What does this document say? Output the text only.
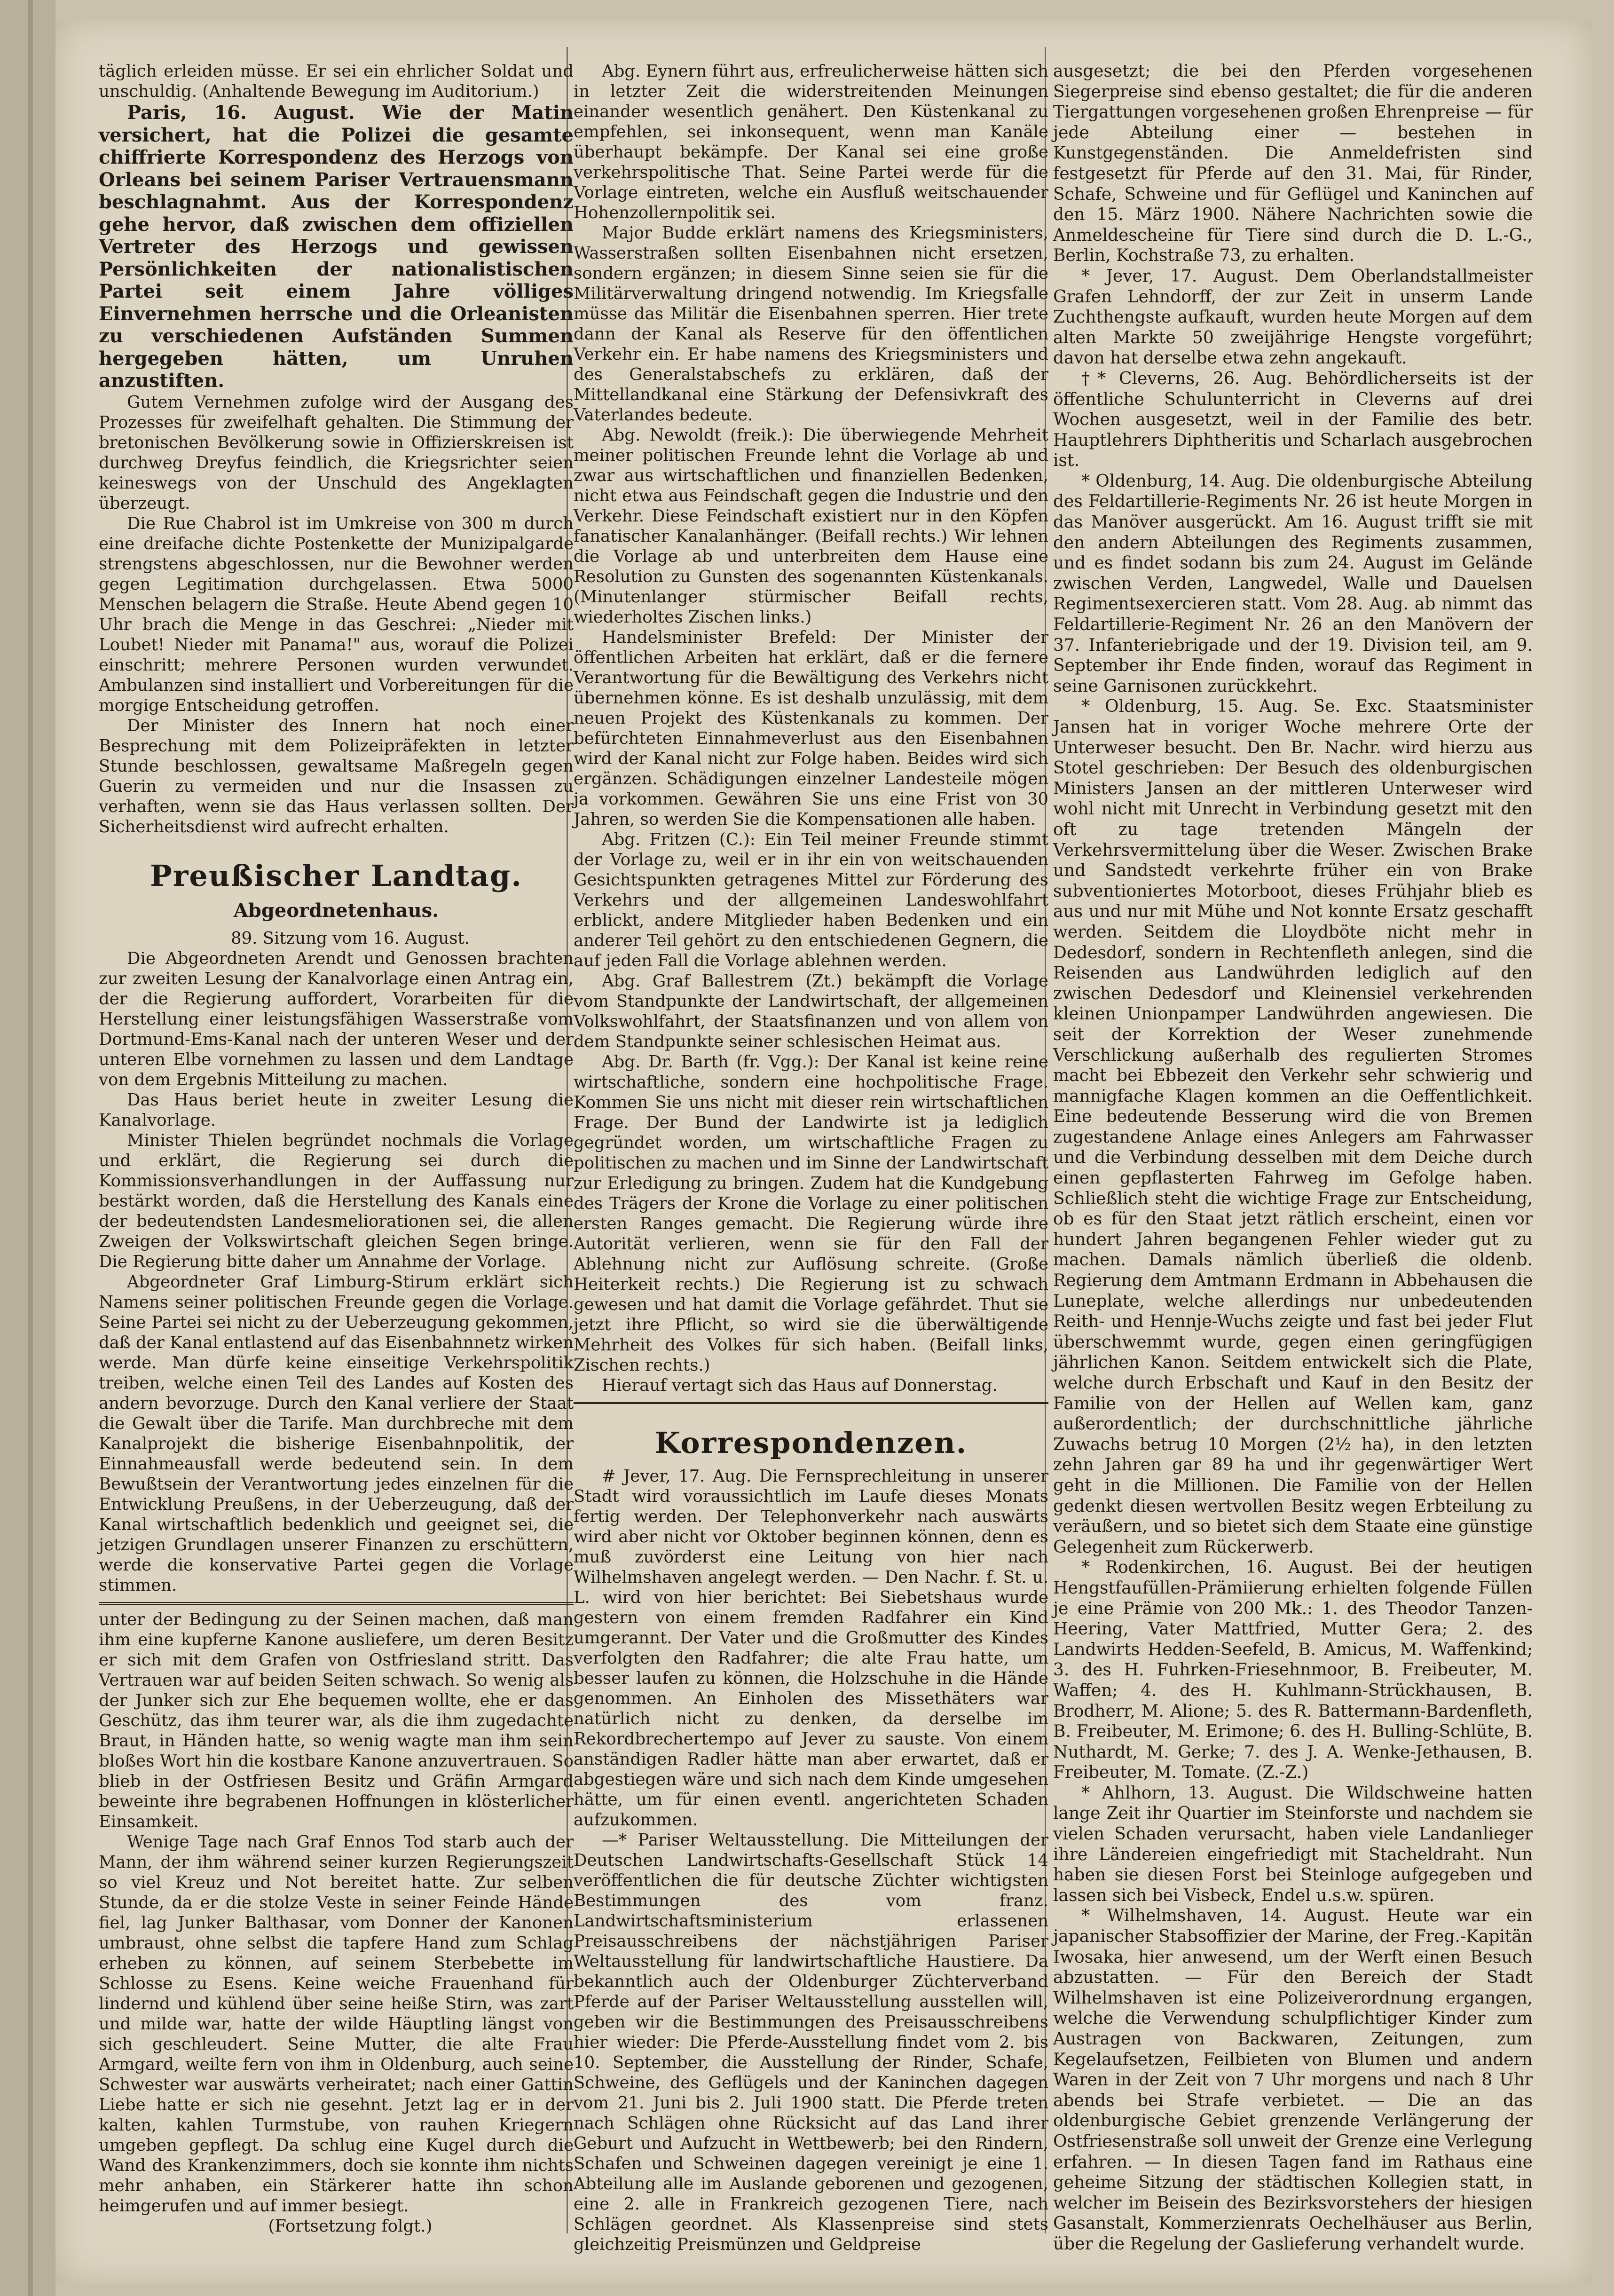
täglich erleiden müsse. Er sei ein ehrlicher Soldat und unschuldig. (Anhaltende Bewegung im Auditorium.)

Paris, 16. August. Wie der Matin versichert, hat die Polizei die gesamte chiffrierte Korrespondenz des Herzogs von Orleans bei seinem Pariser Vertrauensmann beschlagnahmt. Aus der Korrespondenz gehe hervor, daß zwischen dem offiziellen Vertreter des Herzogs und gewissen Persönlichkeiten der nationalistischen Partei seit einem Jahre völliges Einvernehmen herrsche und die Orleanisten zu verschiedenen Aufständen Summen hergegeben hätten, um Unruhen anzustiften.

Gutem Vernehmen zufolge wird der Ausgang des Prozesses für zweifelhaft gehalten. Die Stimmung der bretonischen Bevölkerung sowie in Offizierskreisen ist durchweg Dreyfus feindlich, die Kriegsrichter seien keineswegs von der Unschuld des Angeklagten überzeugt.

Die Rue Chabrol ist im Umkreise von 300 m durch eine dreifache dichte Postenkette der Munizipalgarde strengstens abgeschlossen, nur die Bewohner werden gegen Legitimation durchgelassen. Etwa 5000 Menschen belagern die Straße. Heute Abend gegen 10 Uhr brach die Menge in das Geschrei: „Nieder mit Loubet! Nieder mit Panama!" aus, worauf die Polizei einschritt; mehrere Personen wurden verwundet. Ambulanzen sind installiert und Vorbereitungen für die morgige Entscheidung getroffen.

Der Minister des Innern hat noch einer Besprechung mit dem Polizeipräfekten in letzter Stunde beschlossen, gewaltsame Maßregeln gegen Guerin zu vermeiden und nur die Insassen zu verhaften, wenn sie das Haus verlassen sollten. Der Sicherheitsdienst wird aufrecht erhalten.

Preußischer Landtag.
Abgeordnetenhaus.

89. Sitzung vom 16. August.

Die Abgeordneten Arendt und Genossen brachten zur zweiten Lesung der Kanalvorlage einen Antrag ein, der die Regierung auffordert, Vorarbeiten für die Herstellung einer leistungsfähigen Wasserstraße vom Dortmund-Ems-Kanal nach der unteren Weser und der unteren Elbe vornehmen zu lassen und dem Landtage von dem Ergebnis Mitteilung zu machen.

Das Haus beriet heute in zweiter Lesung die Kanalvorlage.

Minister Thielen begründet nochmals die Vorlage und erklärt, die Regierung sei durch die Kommissionsverhandlungen in der Auffassung nur bestärkt worden, daß die Herstellung des Kanals eine der bedeutendsten Landesmeliorationen sei, die allen Zweigen der Volkswirtschaft gleichen Segen bringe. Die Regierung bitte daher um Annahme der Vorlage.

Abgeordneter Graf Limburg-Stirum erklärt sich Namens seiner politischen Freunde gegen die Vorlage. Seine Partei sei nicht zu der Ueberzeugung gekommen, daß der Kanal entlastend auf das Eisenbahnnetz wirken werde. Man dürfe keine einseitige Verkehrspolitik treiben, welche einen Teil des Landes auf Kosten des andern bevorzuge. Durch den Kanal verliere der Staat die Gewalt über die Tarife. Man durchbreche mit dem Kanalprojekt die bisherige Eisenbahnpolitik, der Einnahmeausfall werde bedeutend sein. In dem Bewußtsein der Verantwortung jedes einzelnen für die Entwicklung Preußens, in der Ueberzeugung, daß der Kanal wirtschaftlich bedenklich und geeignet sei, die jetzigen Grundlagen unserer Finanzen zu erschüttern, werde die konservative Partei gegen die Vorlage stimmen.

unter der Bedingung zu der Seinen machen, daß man ihm eine kupferne Kanone ausliefere, um deren Besitz er sich mit dem Grafen von Ostfriesland stritt. Das Vertrauen war auf beiden Seiten schwach. So wenig als der Junker sich zur Ehe bequemen wollte, ehe er das Geschütz, das ihm teurer war, als die ihm zugedachte Braut, in Händen hatte, so wenig wagte man ihm sein bloßes Wort hin die kostbare Kanone anzuvertrauen. So blieb in der Ostfriesen Besitz und Gräfin Armgard beweinte ihre begrabenen Hoffnungen in klösterlicher Einsamkeit.

Wenige Tage nach Graf Ennos Tod starb auch der Mann, der ihm während seiner kurzen Regierungszeit so viel Kreuz und Not bereitet hatte. Zur selben Stunde, da er die stolze Veste in seiner Feinde Hände fiel, lag Junker Balthasar, vom Donner der Kanonen umbraust, ohne selbst die tapfere Hand zum Schlag erheben zu können, auf seinem Sterbebette im Schlosse zu Esens. Keine weiche Frauenhand für lindernd und kühlend über seine heiße Stirn, was zart und milde war, hatte der wilde Häuptling längst von sich geschleudert. Seine Mutter, die alte Frau Armgard, weilte fern von ihm in Oldenburg, auch seine Schwester war auswärts verheiratet; nach einer Gattin Liebe hatte er sich nie gesehnt. Jetzt lag er in der kalten, kahlen Turmstube, von rauhen Kriegern umgeben gepflegt. Da schlug eine Kugel durch die Wand des Krankenzimmers, doch sie konnte ihm nichts mehr anhaben, ein Stärkerer hatte ihn schon heimgerufen und auf immer besiegt.

(Fortsetzung folgt.)

Abg. Eynern führt aus, erfreulicherweise hätten sich in letzter Zeit die widerstreitenden Meinungen einander wesentlich genähert. Den Küstenkanal zu empfehlen, sei inkonsequent, wenn man Kanäle überhaupt bekämpfe. Der Kanal sei eine große verkehrspolitische That. Seine Partei werde für die Vorlage eintreten, welche ein Ausfluß weitschauender Hohenzollernpolitik sei.

Major Budde erklärt namens des Kriegsministers, Wasserstraßen sollten Eisenbahnen nicht ersetzen, sondern ergänzen; in diesem Sinne seien sie für die Militärverwaltung dringend notwendig. Im Kriegsfalle müsse das Militär die Eisenbahnen sperren. Hier trete dann der Kanal als Reserve für den öffentlichen Verkehr ein. Er habe namens des Kriegsministers und des Generalstabschefs zu erklären, daß der Mittellandkanal eine Stärkung der Defensivkraft des Vaterlandes bedeute.

Abg. Newoldt (freik.): Die überwiegende Mehrheit meiner politischen Freunde lehnt die Vorlage ab und zwar aus wirtschaftlichen und finanziellen Bedenken, nicht etwa aus Feindschaft gegen die Industrie und den Verkehr. Diese Feindschaft existiert nur in den Köpfen fanatischer Kanalanhänger. (Beifall rechts.) Wir lehnen die Vorlage ab und unterbreiten dem Hause eine Resolution zu Gunsten des sogenannten Küstenkanals. (Minutenlanger stürmischer Beifall rechts, wiederholtes Zischen links.)

Handelsminister Brefeld: Der Minister der öffentlichen Arbeiten hat erklärt, daß er die fernere Verantwortung für die Bewältigung des Verkehrs nicht übernehmen könne. Es ist deshalb unzulässig, mit dem neuen Projekt des Küstenkanals zu kommen. Der befürchteten Einnahmeverlust aus den Eisenbahnen wird der Kanal nicht zur Folge haben. Beides wird sich ergänzen. Schädigungen einzelner Landesteile mögen ja vorkommen. Gewähren Sie uns eine Frist von 30 Jahren, so werden Sie die Kompensationen alle haben.

Abg. Fritzen (C.): Ein Teil meiner Freunde stimmt der Vorlage zu, weil er in ihr ein von weitschauenden Gesichtspunkten getragenes Mittel zur Förderung des Verkehrs und der allgemeinen Landeswohlfahrt erblickt, andere Mitglieder haben Bedenken und ein anderer Teil gehört zu den entschiedenen Gegnern, die auf jeden Fall die Vorlage ablehnen werden.

Abg. Graf Ballestrem (Zt.) bekämpft die Vorlage vom Standpunkte der Landwirtschaft, der allgemeinen Volkswohlfahrt, der Staatsfinanzen und von allem von dem Standpunkte seiner schlesischen Heimat aus.

Abg. Dr. Barth (fr. Vgg.): Der Kanal ist keine reine wirtschaftliche, sondern eine hochpolitische Frage. Kommen Sie uns nicht mit dieser rein wirtschaftlichen Frage. Der Bund der Landwirte ist ja lediglich gegründet worden, um wirtschaftliche Fragen zu politischen zu machen und im Sinne der Landwirtschaft zur Erledigung zu bringen. Zudem hat die Kundgebung des Trägers der Krone die Vorlage zu einer politischen ersten Ranges gemacht. Die Regierung würde ihre Autorität verlieren, wenn sie für den Fall der Ablehnung nicht zur Auflösung schreite. (Große Heiterkeit rechts.) Die Regierung ist zu schwach gewesen und hat damit die Vorlage gefährdet. Thut sie jetzt ihre Pflicht, so wird sie die überwältigende Mehrheit des Volkes für sich haben. (Beifall links, Zischen rechts.)

Hierauf vertagt sich das Haus auf Donnerstag.

Korrespondenzen.

# Jever, 17. Aug. Die Fernsprechleitung in unserer Stadt wird voraussichtlich im Laufe dieses Monats fertig werden. Der Telephonverkehr nach auswärts wird aber nicht vor Oktober beginnen können, denn es muß zuvörderst eine Leitung von hier nach Wilhelmshaven angelegt werden. — Den Nachr. f. St. u. L. wird von hier berichtet: Bei Siebetshaus wurde gestern von einem fremden Radfahrer ein Kind umgerannt. Der Vater und die Großmutter des Kindes verfolgten den Radfahrer; die alte Frau hatte, um besser laufen zu können, die Holzschuhe in die Hände genommen. An Einholen des Missethäters war natürlich nicht zu denken, da derselbe im Rekordbrechertempo auf Jever zu sauste. Von einem anständigen Radler hätte man aber erwartet, daß er abgestiegen wäre und sich nach dem Kinde umgesehen hätte, um für einen eventl. angerichteten Schaden aufzukommen.

—* Pariser Weltausstellung. Die Mitteilungen der Deutschen Landwirtschafts-Gesellschaft Stück 14 veröffentlichen die für deutsche Züchter wichtigsten Bestimmungen des vom franz. Landwirtschaftsministerium erlassenen Preisausschreibens der nächstjährigen Pariser Weltausstellung für landwirtschaftliche Haustiere. Da bekanntlich auch der Oldenburger Züchterverband Pferde auf der Pariser Weltausstellung ausstellen will, geben wir die Bestimmungen des Preisausschreibens hier wieder: Die Pferde-Ausstellung findet vom 2. bis 10. September, die Ausstellung der Rinder, Schafe, Schweine, des Geflügels und der Kaninchen dagegen vom 21. Juni bis 2. Juli 1900 statt. Die Pferde treten nach Schlägen ohne Rücksicht auf das Land ihrer Geburt und Aufzucht in Wettbewerb; bei den Rindern, Schafen und Schweinen dagegen vereinigt je eine 1. Abteilung alle im Auslande geborenen und gezogenen, eine 2. alle in Frankreich gezogenen Tiere, nach Schlägen geordnet. Als Klassenpreise sind stets gleichzeitig Preismünzen und Geldpreise

ausgesetzt; die bei den Pferden vorgesehenen Siegerpreise sind ebenso gestaltet; die für die anderen Tiergattungen vorgesehenen großen Ehrenpreise — für jede Abteilung einer — bestehen in Kunstgegenständen. Die Anmeldefristen sind festgesetzt für Pferde auf den 31. Mai, für Rinder, Schafe, Schweine und für Geflügel und Kaninchen auf den 15. März 1900. Nähere Nachrichten sowie die Anmeldescheine für Tiere sind durch die D. L.-G., Berlin, Kochstraße 73, zu erhalten.

* Jever, 17. August. Dem Oberlandstallmeister Grafen Lehndorff, der zur Zeit in unserm Lande Zuchthengste aufkauft, wurden heute Morgen auf dem alten Markte 50 zweijährige Hengste vorgeführt; davon hat derselbe etwa zehn angekauft.

†* Cleverns, 26. Aug. Behördlicherseits ist der öffentliche Schulunterricht in Cleverns auf drei Wochen ausgesetzt, weil in der Familie des betr. Hauptlehrers Diphtheritis und Scharlach ausgebrochen ist.

* Oldenburg, 14. Aug. Die oldenburgische Abteilung des Feldartillerie-Regiments Nr. 26 ist heute Morgen in das Manöver ausgerückt. Am 16. August trifft sie mit den andern Abteilungen des Regiments zusammen, und es findet sodann bis zum 24. August im Gelände zwischen Verden, Langwedel, Walle und Dauelsen Regimentsexercieren statt. Vom 28. Aug. ab nimmt das Feldartillerie-Regiment Nr. 26 an den Manövern der 37. Infanteriebrigade und der 19. Division teil, am 9. September ihr Ende finden, worauf das Regiment in seine Garnisonen zurückkehrt.

* Oldenburg, 15. Aug. Se. Exc. Staatsminister Jansen hat in voriger Woche mehrere Orte der Unterweser besucht. Den Br. Nachr. wird hierzu aus Stotel geschrieben: Der Besuch des oldenburgischen Ministers Jansen an der mittleren Unterweser wird wohl nicht mit Unrecht in Verbindung gesetzt mit den oft zu tage tretenden Mängeln der Verkehrsvermittelung über die Weser. Zwischen Brake und Sandstedt verkehrte früher ein von Brake subventioniertes Motorboot, dieses Frühjahr blieb es aus und nur mit Mühe und Not konnte Ersatz geschafft werden. Seitdem die Lloydböte nicht mehr in Dedesdorf, sondern in Rechtenfleth anlegen, sind die Reisenden aus Landwührden lediglich auf den zwischen Dedesdorf und Kleinensiel verkehrenden kleinen Unionpamper Landwührden angewiesen. Die seit der Korrektion der Weser zunehmende Verschlickung außerhalb des regulierten Stromes macht bei Ebbezeit den Verkehr sehr schwierig und mannigfache Klagen kommen an die Oeffentlichkeit. Eine bedeutende Besserung wird die von Bremen zugestandene Anlage eines Anlegers am Fahrwasser und die Verbindung desselben mit dem Deiche durch einen gepflasterten Fahrweg im Gefolge haben. Schließlich steht die wichtige Frage zur Entscheidung, ob es für den Staat jetzt rätlich erscheint, einen vor hundert Jahren begangenen Fehler wieder gut zu machen. Damals nämlich überließ die oldenb. Regierung dem Amtmann Erdmann in Abbehausen die Luneplate, welche allerdings nur unbedeutenden Reith- und Hennje-Wuchs zeigte und fast bei jeder Flut überschwemmt wurde, gegen einen geringfügigen jährlichen Kanon. Seitdem entwickelt sich die Plate, welche durch Erbschaft und Kauf in den Besitz der Familie von der Hellen auf Wellen kam, ganz außerordentlich; der durchschnittliche jährliche Zuwachs betrug 10 Morgen (2½ ha), in den letzten zehn Jahren gar 89 ha und ihr gegenwärtiger Wert geht in die Millionen. Die Familie von der Hellen gedenkt diesen wertvollen Besitz wegen Erbteilung zu veräußern, und so bietet sich dem Staate eine günstige Gelegenheit zum Rückerwerb.

* Rodenkirchen, 16. August. Bei der heutigen Hengstfaufüllen-Prämiierung erhielten folgende Füllen je eine Prämie von 200 Mk.: 1. des Theodor Tanzen-Heering, Vater Mattfried, Mutter Gera; 2. des Landwirts Hedden-Seefeld, B. Amicus, M. Waffenkind; 3. des H. Fuhrken-Friesehnmoor, B. Freibeuter, M. Waffen; 4. des H. Kuhlmann-Strückhausen, B. Brodherr, M. Alione; 5. des R. Battermann-Bardenfleth, B. Freibeuter, M. Erimone; 6. des H. Bulling-Schlüte, B. Nuthardt, M. Gerke; 7. des J. A. Wenke-Jethausen, B. Freibeuter, M. Tomate. (Z.-Z.)

* Ahlhorn, 13. August. Die Wildschweine hatten lange Zeit ihr Quartier im Steinforste und nachdem sie vielen Schaden verursacht, haben viele Landanlieger ihre Ländereien eingefriedigt mit Stacheldraht. Nun haben sie diesen Forst bei Steinloge aufgegeben und lassen sich bei Visbeck, Endel u.s.w. spüren.

* Wilhelmshaven, 14. August. Heute war ein japanischer Stabsoffizier der Marine, der Freg.-Kapitän Iwosaka, hier anwesend, um der Werft einen Besuch abzustatten. — Für den Bereich der Stadt Wilhelmshaven ist eine Polizeiverordnung ergangen, welche die Verwendung schulpflichtiger Kinder zum Austragen von Backwaren, Zeitungen, zum Kegelaufsetzen, Feilbieten von Blumen und andern Waren in der Zeit von 7 Uhr morgens und nach 8 Uhr abends bei Strafe verbietet. — Die an das oldenburgische Gebiet grenzende Verlängerung der Ostfriesenstraße soll unweit der Grenze eine Verlegung erfahren. — In diesen Tagen fand im Rathaus eine geheime Sitzung der städtischen Kollegien statt, in welcher im Beisein des Bezirksvorstehers der hiesigen Gasanstalt, Kommerzienrats Oechelhäuser aus Berlin, über die Regelung der Gaslieferung verhandelt wurde.
